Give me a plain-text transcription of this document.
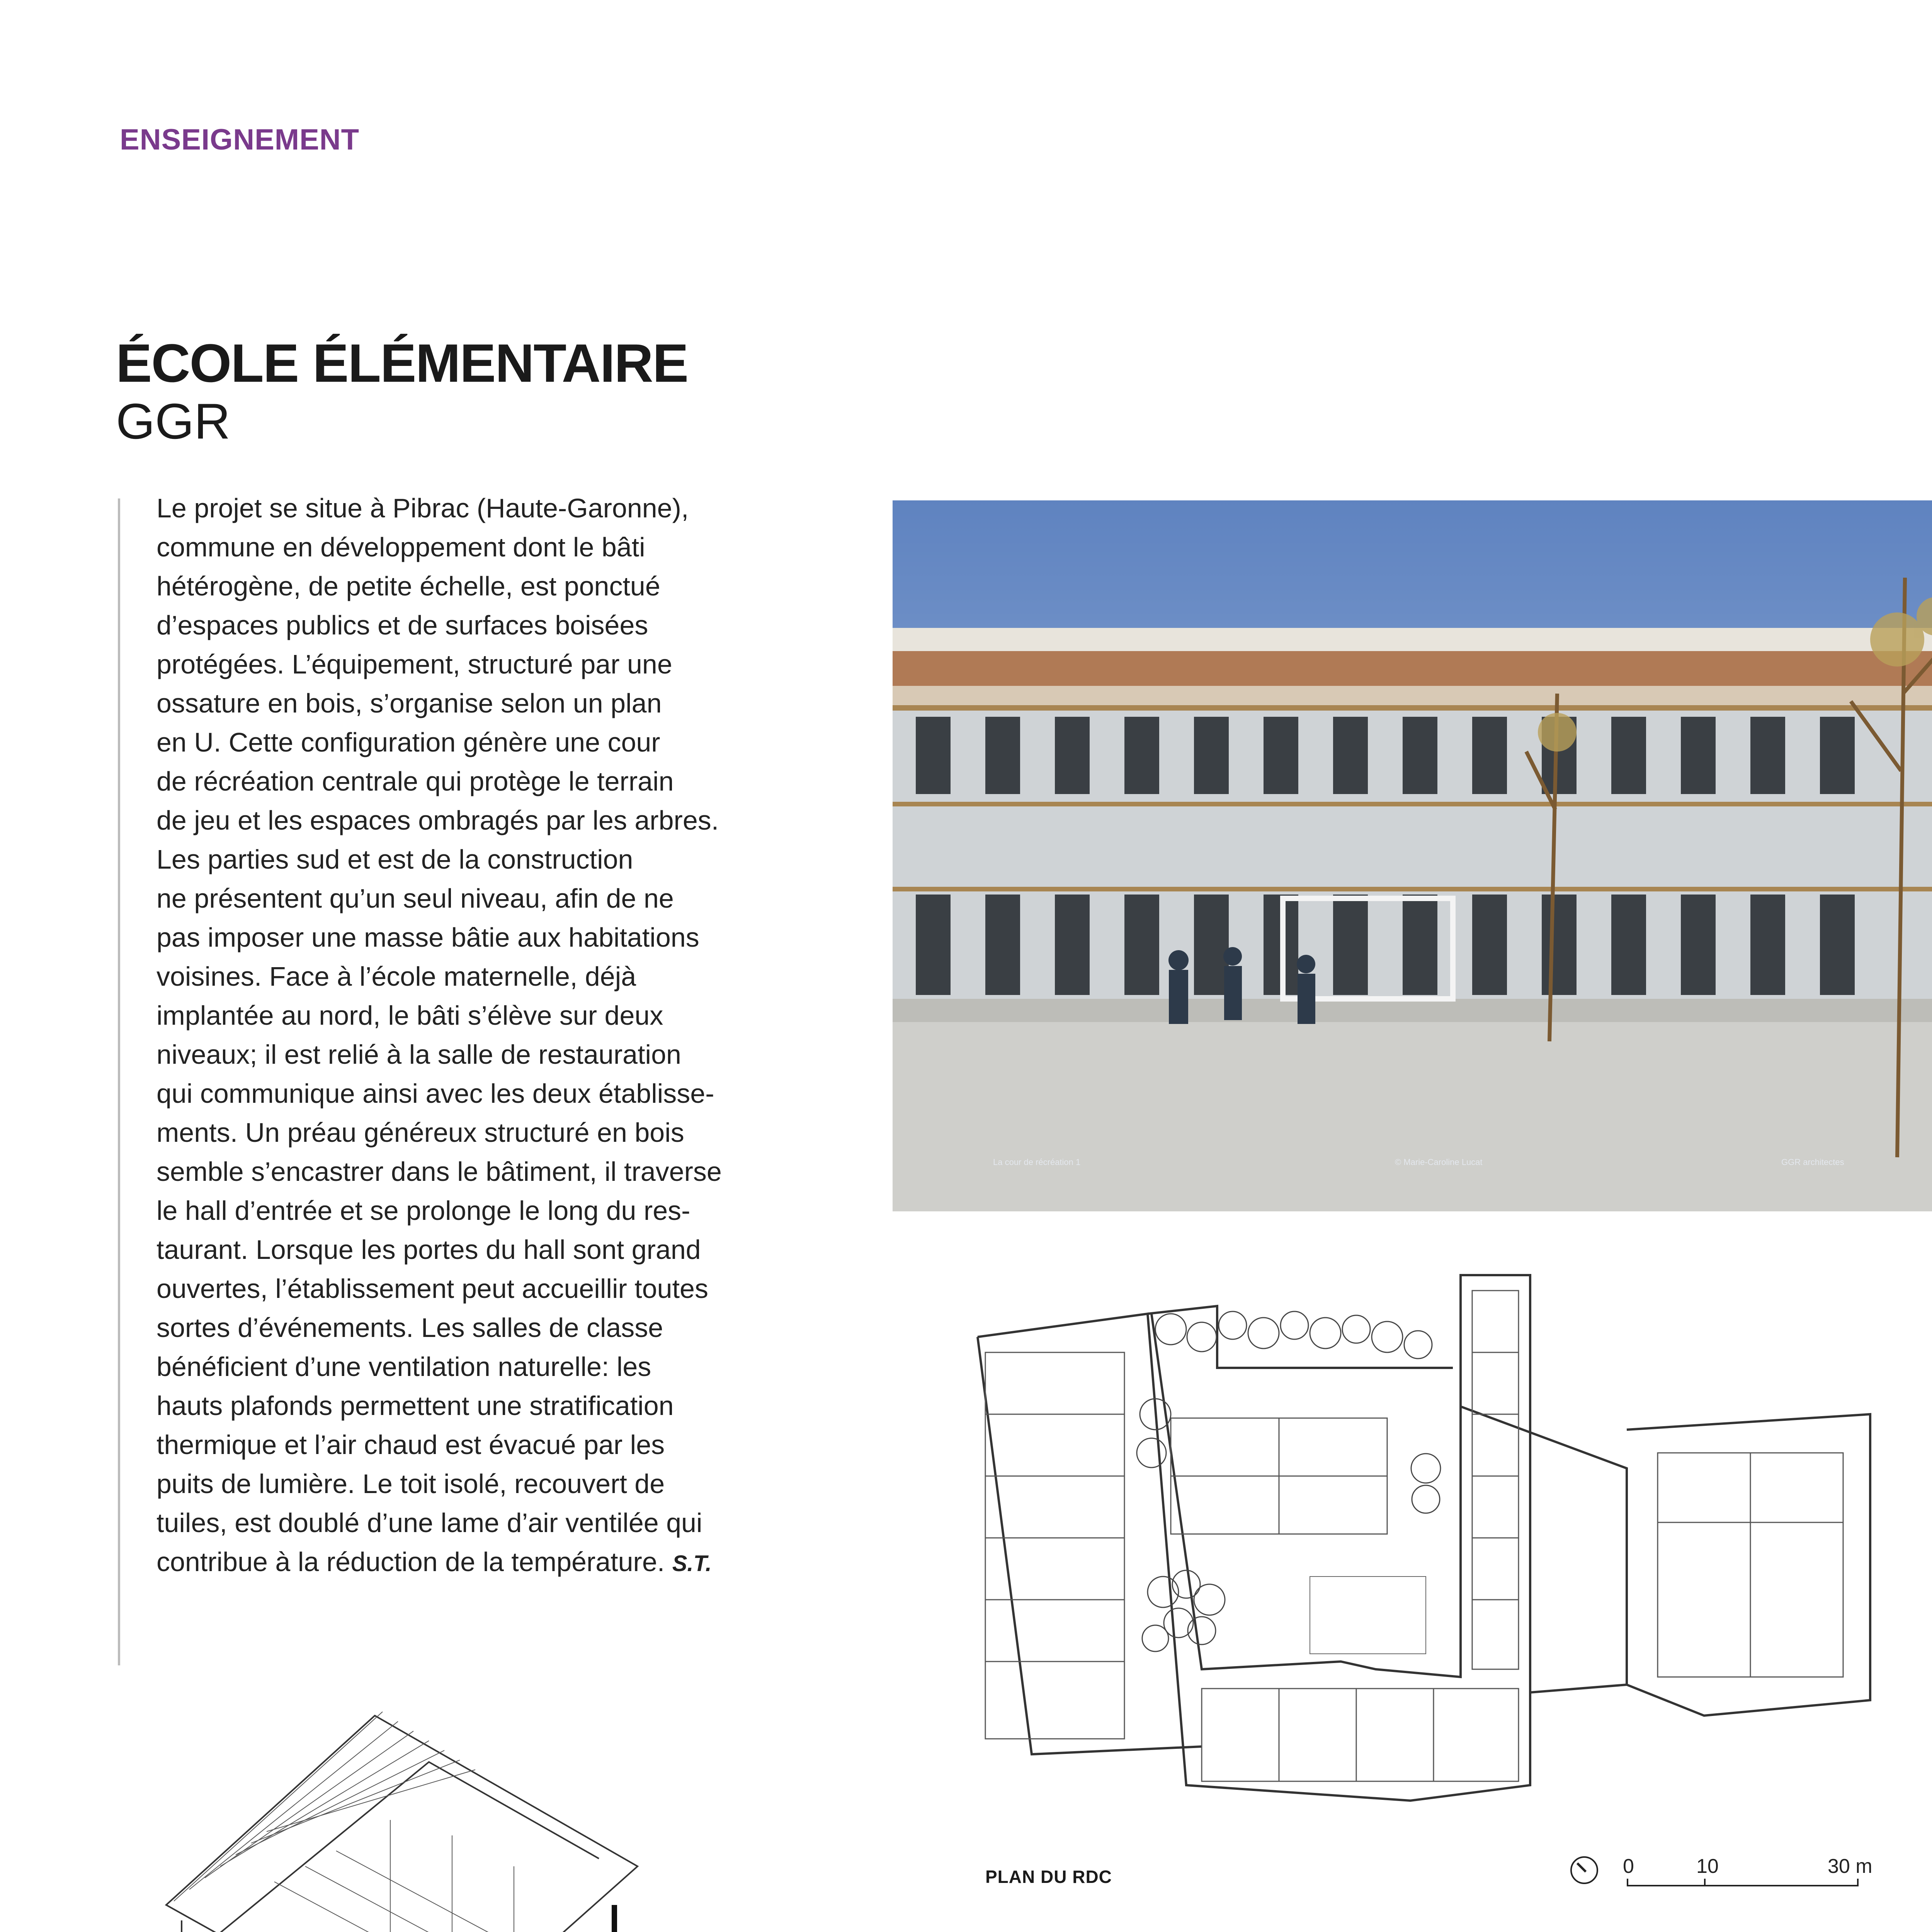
ENSEIGNEMENT
ÉCOLE ÉLÉMENTAIRE
GGR
Le projet se situe à Pibrac (Haute-Garonne),
commune en développement dont le bâti
hétérogène, de petite échelle, est ponctué
d’espaces publics et de surfaces boisées
protégées. L’équipement, structuré par une
ossature en bois, s’organise selon un plan
en U. Cette configuration génère une cour
de récréation centrale qui protège le terrain
de jeu et les espaces ombragés par les arbres.
Les parties sud et est de la construction
ne présentent qu’un seul niveau, afin de ne
pas imposer une masse bâtie aux habitations
voisines. Face à l’école maternelle, déjà
implantée au nord, le bâti s’élève sur deux
niveaux; il est relié à la salle de restauration
qui communique ainsi avec les deux établisse-
ments. Un préau généreux structuré en bois
semble s’encastrer dans le bâtiment, il traverse
le hall d’entrée et se prolonge le long du res-
taurant. Lorsque les portes du hall sont grand
ouvertes, l’établissement peut accueillir toutes
sortes d’événements. Les salles de classe
bénéficient d’une ventilation naturelle: les
hauts plafonds permettent une stratification
thermique et l’air chaud est évacué par les
puits de lumière. Le toit isolé, recouvert de
tuiles, est doublé d’une lame d’air ventilée qui
contribue à la réduction de la température. S.T.
La cour de récréation 1	© Marie-Caroline Lucat	GGR architectes
PLAN DU RDC	0	10	30 m
